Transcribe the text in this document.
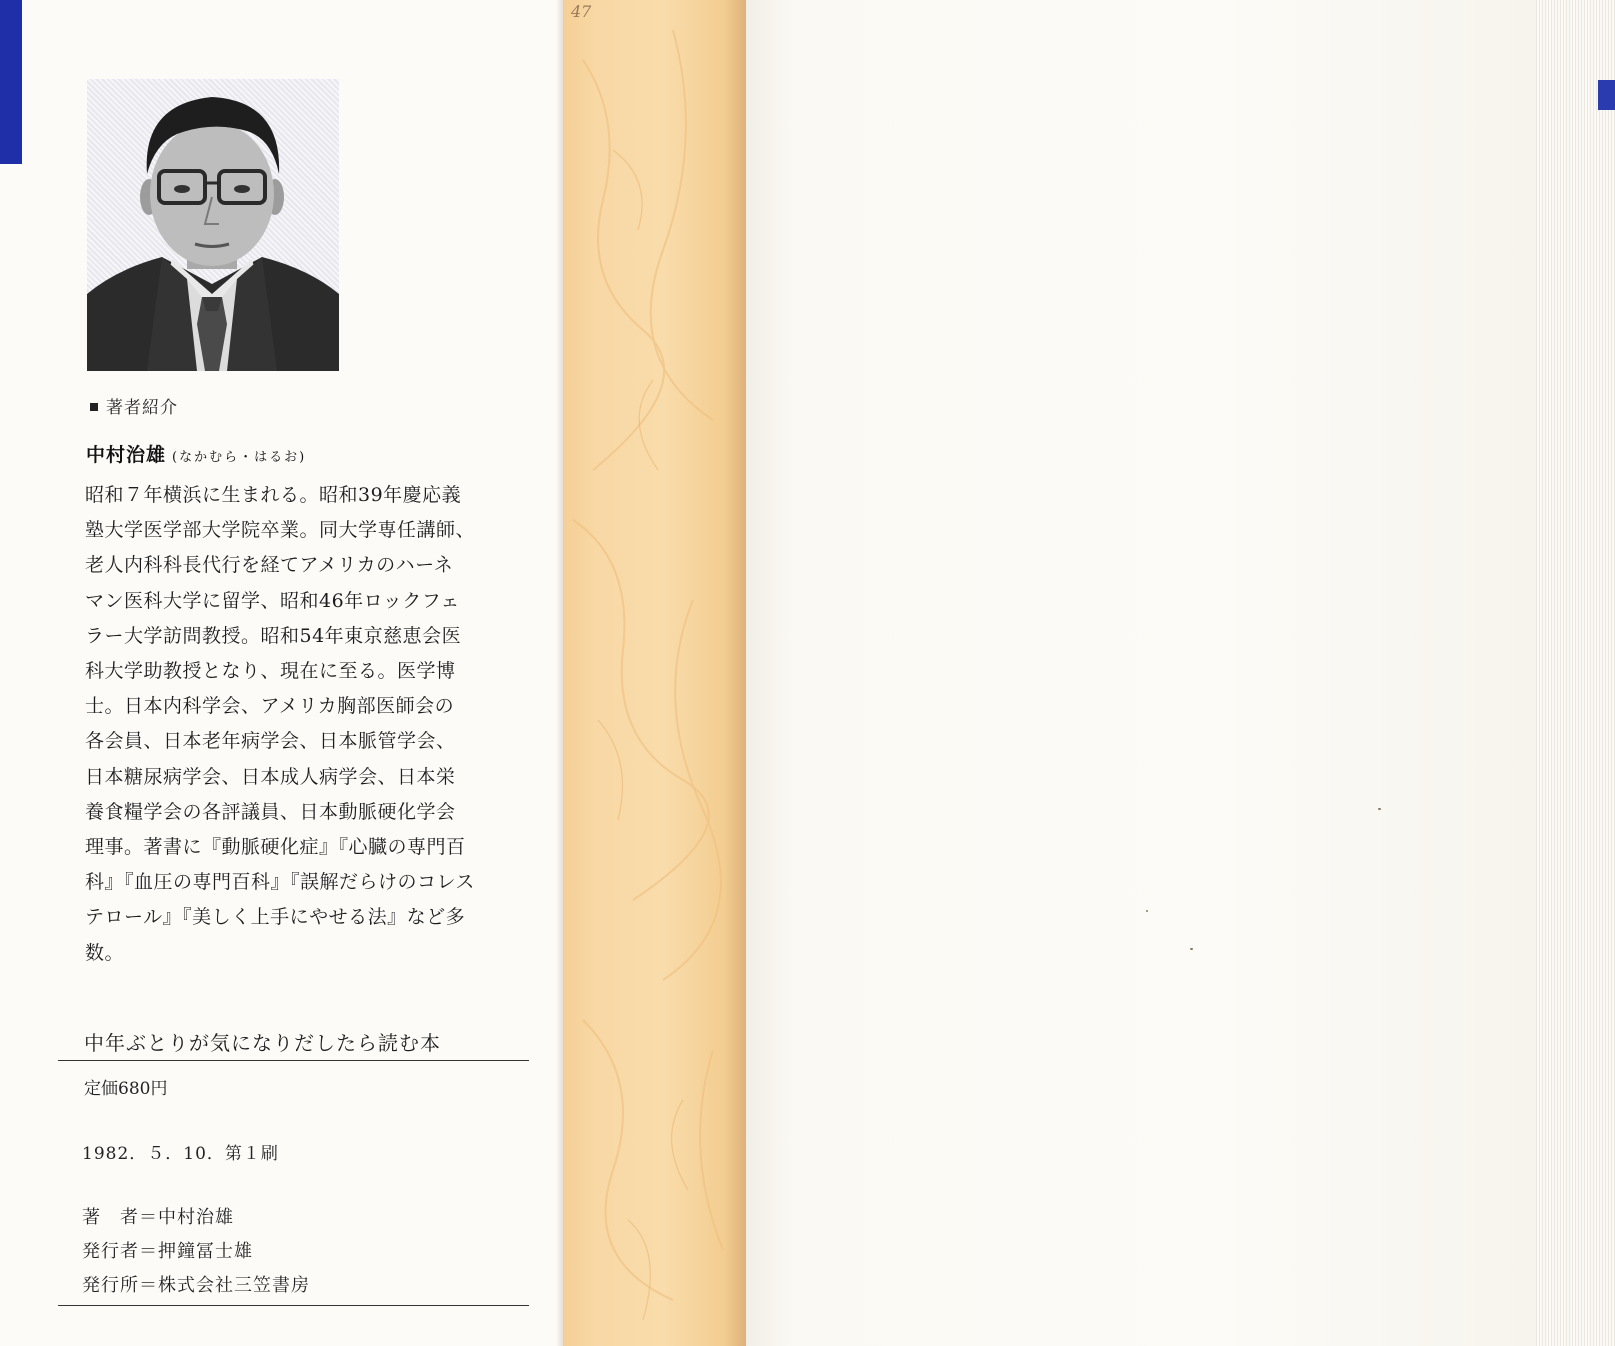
著者紹介
中村治雄 (なかむら・はるお)
昭和７年横浜に生まれる。昭和39年慶応義
塾大学医学部大学院卒業。同大学専任講師、
老人内科科長代行を経てアメリカのハーネ
マン医科大学に留学、昭和46年ロックフェ
ラー大学訪問教授。昭和54年東京慈恵会医
科大学助教授となり、現在に至る。医学博
士。日本内科学会、アメリカ胸部医師会の
各会員、日本老年病学会、日本脈管学会、
日本糖尿病学会、日本成人病学会、日本栄
養食糧学会の各評議員、日本動脈硬化学会
理事。著書に『動脈硬化症』『心臓の専門百
科』『血圧の専門百科』『誤解だらけのコレス
テロール』『美しく上手にやせる法』など多
数。
中年ぶとりが気になりだしたら読む本
定価680円
1982．５．10．第１刷
著　者＝中村治雄
発行者＝押鐘冨士雄
発行所＝株式会社三笠書房
47
